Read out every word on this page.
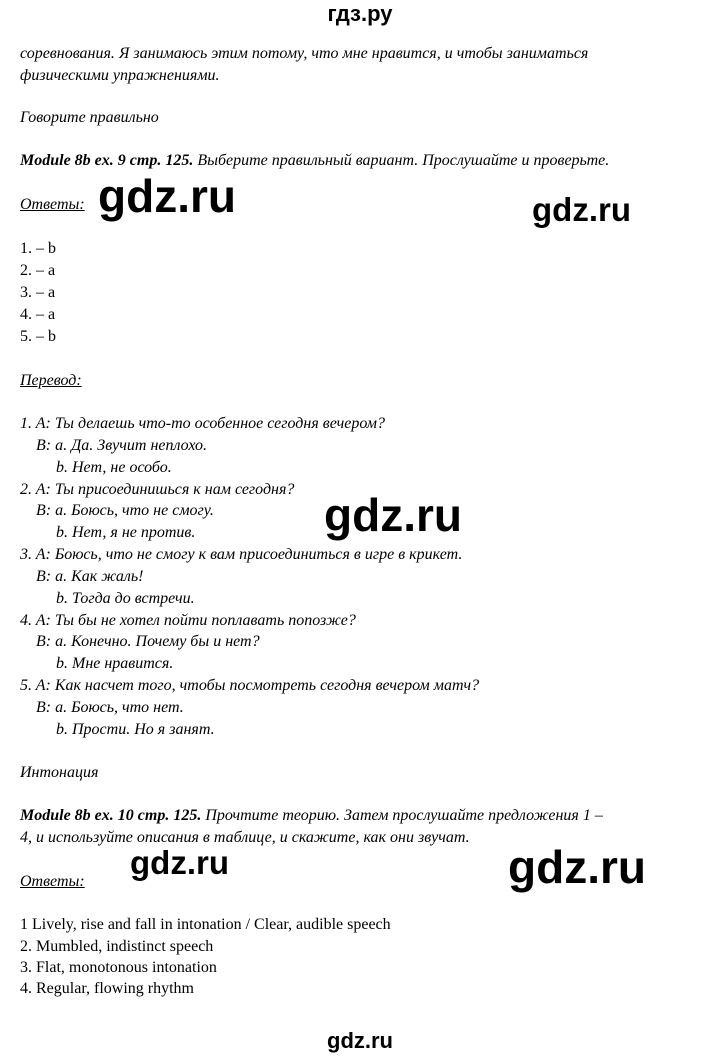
гдз.ру
соревнования. Я занимаюсь этим потому, что мне нравится, и чтобы заниматься
физическими упражнениями.
Говорите правильно
Module 8b ex. 9 стр. 125. Выберите правильный вариант. Прослушайте и проверьте.
Ответы:
1. – b
2. – a
3. – a
4. – a
5. – b
Перевод:
1. A: Ты делаешь что-то особенное сегодня вечером?
B: a. Да. Звучит неплохо.
b. Нет, не особо.
2. A: Ты присоединишься к нам сегодня?
B: a. Боюсь, что не смогу.
b. Нет, я не против.
3. A: Боюсь, что не смогу к вам присоединиться в игре в крикет.
B: a. Как жаль!
b. Тогда до встречи.
4. A: Ты бы не хотел пойти поплавать попозже?
B: a. Конечно. Почему бы и нет?
b. Мне нравится.
5. A: Как насчет того, чтобы посмотреть сегодня вечером матч?
B: a. Боюсь, что нет.
b. Прости. Но я занят.
Интонация
Module 8b ex. 10 стр. 125. Прочтите теорию. Затем прослушайте предложения 1 –
4, и используйте описания в таблице, и скажите, как они звучат.
Ответы:
1 Lively, rise and fall in intonation / Clear, audible speech
2. Mumbled, indistinct speech
3. Flat, monotonous intonation
4. Regular, flowing rhythm
gdz.ru	gdz.ru
gdz.ru
gdz.ru	gdz.ru
gdz.ru
